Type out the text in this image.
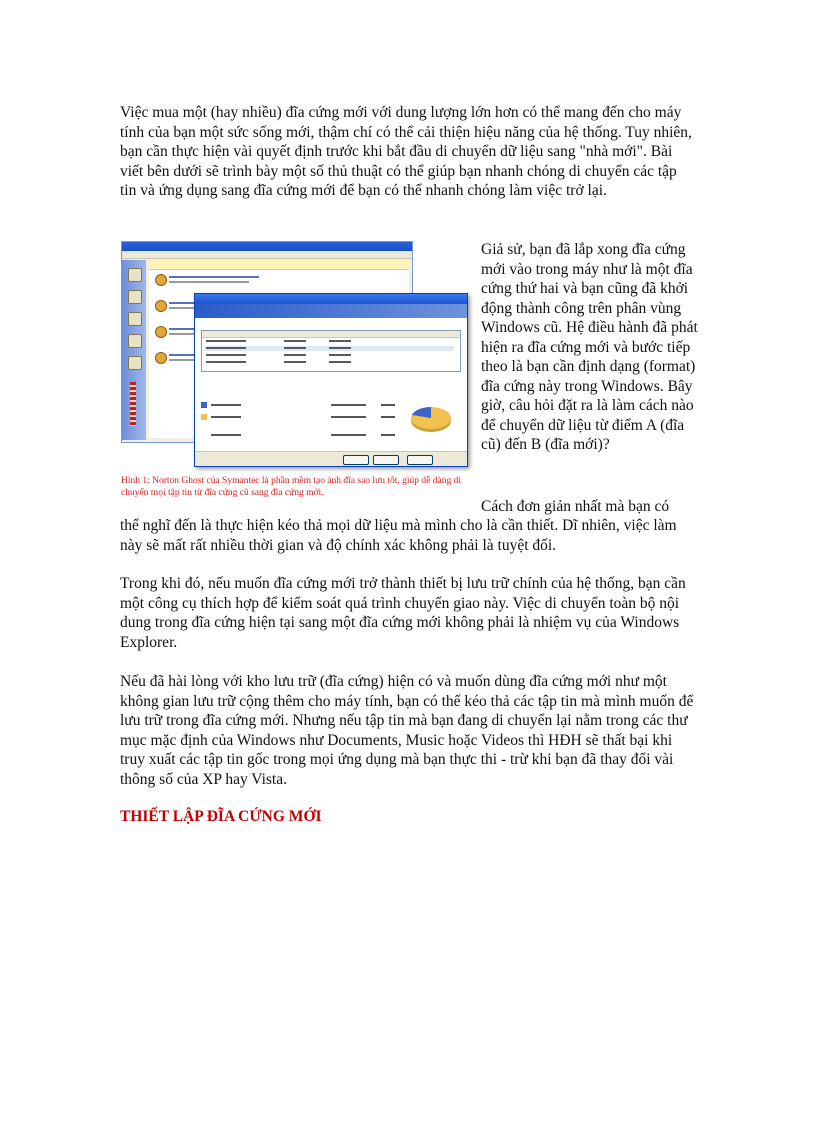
Việc mua một (hay nhiều) đĩa cứng mới với dung lượng lớn hơn có thể mang đến cho máy tính của bạn một sức sống mới, thậm chí có thể cải thiện hiệu năng của hệ thống. Tuy nhiên, bạn cần thực hiện vài quyết định trước khi bắt đầu di chuyển dữ liệu sang "nhà mới". Bài viết bên dưới sẽ trình bày một số thủ thuật có thể giúp bạn nhanh chóng di chuyển các tập tin và ứng dụng sang đĩa cứng mới để bạn có thể nhanh chóng làm việc trở lại.

Hình 1: Norton Ghost của Symantec là phần mềm tạo ảnh đĩa sao lưu tốt, giúp dễ dàng di chuyển mọi tập tin từ đĩa cứng cũ sang đĩa cứng mới.

Giả sử, bạn đã lắp xong đĩa cứng mới vào trong máy như là một đĩa cứng thứ hai và bạn cũng đã khởi động thành công trên phân vùng Windows cũ. Hệ điều hành đã phát hiện ra đĩa cứng mới và bước tiếp theo là bạn cần định dạng (format) đĩa cứng này trong Windows. Bây giờ, câu hỏi đặt ra là làm cách nào để chuyển dữ liệu từ điểm A (đĩa cũ) đến B (đĩa mới)?

Cách đơn giản nhất mà bạn có

thể nghĩ đến là thực hiện kéo thả mọi dữ liệu mà mình cho là cần thiết. Dĩ nhiên, việc làm này sẽ mất rất nhiều thời gian và độ chính xác không phải là tuyệt đối.

Trong khi đó, nếu muốn đĩa cứng mới trở thành thiết bị lưu trữ chính của hệ thống, bạn cần một công cụ thích hợp để kiểm soát quá trình chuyển giao này. Việc di chuyển toàn bộ nội dung trong đĩa cứng hiện tại sang một đĩa cứng mới không phải là nhiệm vụ của Windows Explorer.

Nếu đã hài lòng với kho lưu trữ (đĩa cứng) hiện có và muốn dùng đĩa cứng mới như một không gian lưu trữ cộng thêm cho máy tính, bạn có thể kéo thả các tập tin mà mình muốn để lưu trữ trong đĩa cứng mới. Nhưng nếu tập tin mà bạn đang di chuyển lại nằm trong các thư mục mặc định của Windows như Documents, Music hoặc Videos thì HĐH sẽ thất bại khi truy xuất các tập tin gốc trong mọi ứng dụng mà bạn thực thi - trừ khi bạn đã thay đổi vài thông số của XP hay Vista.

THIẾT LẬP ĐĨA CỨNG MỚI
